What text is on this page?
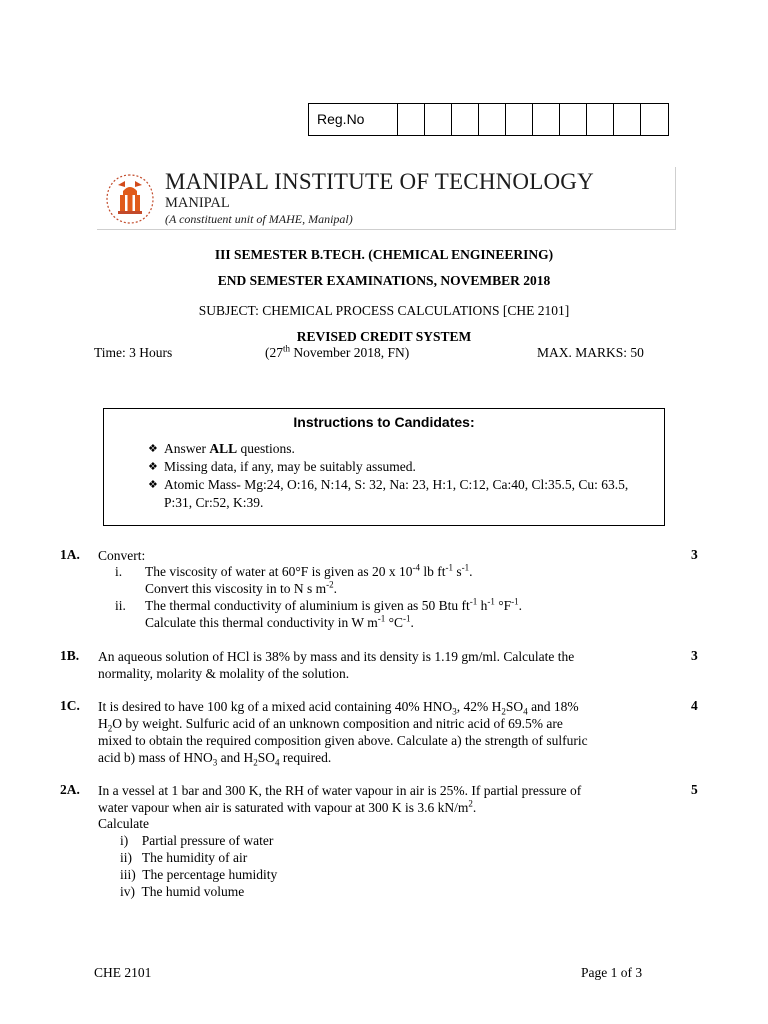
Reg.No
MANIPAL INSTITUTE OF TECHNOLOGY
MANIPAL
(A constituent unit of MAHE, Manipal)
III SEMESTER B.TECH. (CHEMICAL ENGINEERING)
END SEMESTER EXAMINATIONS, NOVEMBER 2018
SUBJECT: CHEMICAL PROCESS CALCULATIONS [CHE 2101]
REVISED CREDIT SYSTEM
Time: 3 Hours	(27th November 2018, FN)	MAX. MARKS: 50
Instructions to Candidates:
❖ Answer ALL questions.
❖ Missing data, if any, may be suitably assumed.
❖ Atomic Mass- Mg:24, O:16, N:14, S: 32, Na: 23, H:1, C:12, Ca:40, Cl:35.5, Cu: 63.5, P:31, Cr:52, K:39.
1A.	3
Convert:
i. The viscosity of water at 60°F is given as 20 x $10^{-4}$ lb $ft^{-1}$ $s^{-1}$.
Convert this viscosity in to N s $m^{-2}$.
ii. The thermal conductivity of aluminium is given as 50 Btu $ft^{-1}$ $h^{-1}$ $^\circ F^{-1}$.
Calculate this thermal conductivity in W $m^{-1}$ $^\circ C^{-1}$.
1B.	3
An aqueous solution of HCl is 38% by mass and its density is 1.19 gm/ml. Calculate the
normality, molarity & molality of the solution.
1C.	4
It is desired to have 100 kg of a mixed acid containing 40% $HNO_3$, 42% $H_2SO_4$ and 18%
$H_2O$ by weight. Sulfuric acid of an unknown composition and nitric acid of 69.5% are
mixed to obtain the required composition given above. Calculate a) the strength of sulfuric
acid b) mass of $HNO_3$ and $H_2SO_4$ required.
2A.	5
In a vessel at 1 bar and 300 K, the RH of water vapour in air is 25%. If partial pressure of
water vapour when air is saturated with vapour at 300 K is 3.6 $kN/m^2$.
Calculate
i)    Partial pressure of water
ii)   The humidity of air
iii)  The percentage humidity
iv)  The humid volume
CHE 2101	Page 1 of 3
